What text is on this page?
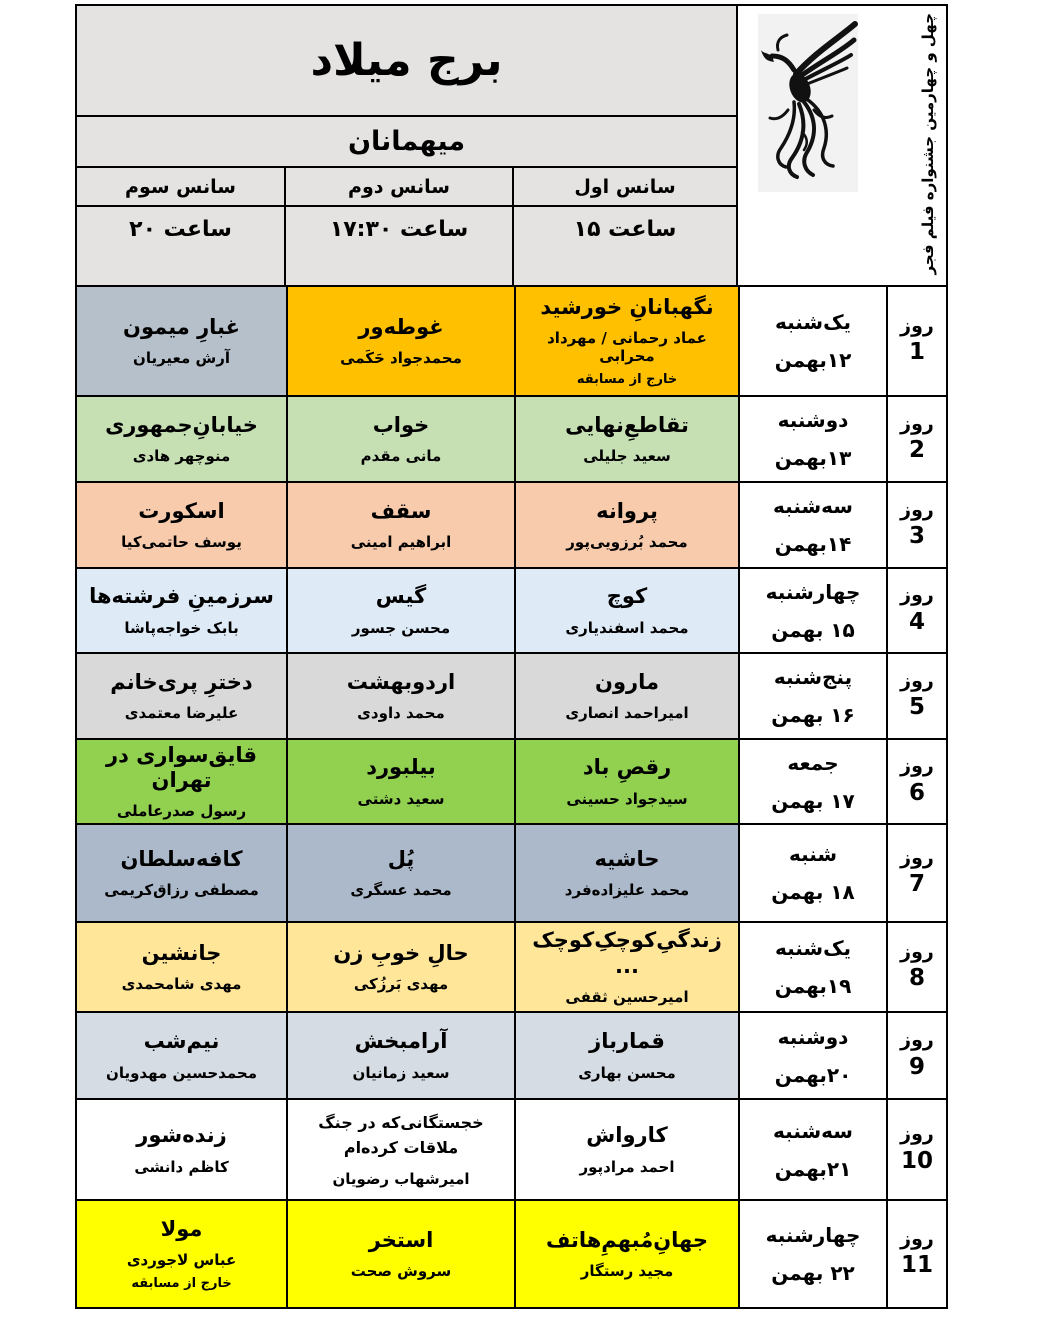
چهل و چهارمین جشنواره فیلم فجر
برج میلاد
میهمانان
سانس اول
سانس دوم
سانس سوم
ساعت ۱۵
ساعت ۱۷:۳۰
ساعت ۲۰
روز
1
یک‌شنبه
۱۲بهمن
نگهبانانِ خورشید
عماد رحمانی / مهرداد محرابی
خارج از مسابقه
غوطه‌ور
محمدجواد حَکَمی
غبارِ میمون
آرش معیریان
روز
2
دوشنبه
۱۳بهمن
تقاطعِ‌نهایی
سعید جلیلی
خواب
مانی مقدم
خیابانِ‌جمهوری
منوچهر هادی
روز
3
سه‌شنبه
۱۴بهمن
پروانه
محمد بُرزویی‌پور
سقف
ابراهیم امینی
اسکورت
یوسف حاتمی‌کیا
روز
4
چهارشنبه
۱۵ بهمن
کوچ
محمد اسفندیاری
گیس
محسن جسور
سرزمینِ فرشته‌ها
بابک خواجه‌پاشا
روز
5
پنج‌شنبه
۱۶ بهمن
مارون
امیراحمد انصاری
اردوبهشت
محمد داودی
دخترِ پری‌خانم
علیرضا معتمدی
روز
6
جمعه
۱۷ بهمن
رقصِ باد
سیدجواد حسینی
بیلبورد
سعید دشتی
قایق‌سواری در تهران
رسول صدرعاملی
روز
7
شنبه
۱۸ بهمن
حاشیه
محمد علیزاده‌فرد
پُل
محمد عسگری
کافه‌سلطان
مصطفی رزاق‌کریمی
روز
8
یک‌شنبه
۱۹بهمن
زندگیِ‌کوچکِ‌کوچک ...
امیرحسین ثقفی
حالِ خوبِ زن
مهدی بَرزُکی
جانشین
مهدی شامحمدی
روز
9
دوشنبه
۲۰بهمن
قمارباز
محسن بهاری
آرامبخش
سعید زمانیان
نیم‌شب
محمدحسین مهدویان
روز
10
سه‌شنبه
۲۱بهمن
کارواش
احمد مرادپور
خجستگانی‌که در جنگ ملاقات کرده‌ام
امیرشهاب رضویان
زنده‌شور
کاظم دانشی
روز
11
چهارشنبه
۲۲ بهمن
جهانِ‌مُبهمِ‌هاتف
مجید رستگار
استخر
سروش صحت
مولا
عباس لاجوردی
خارج از مسابقه
